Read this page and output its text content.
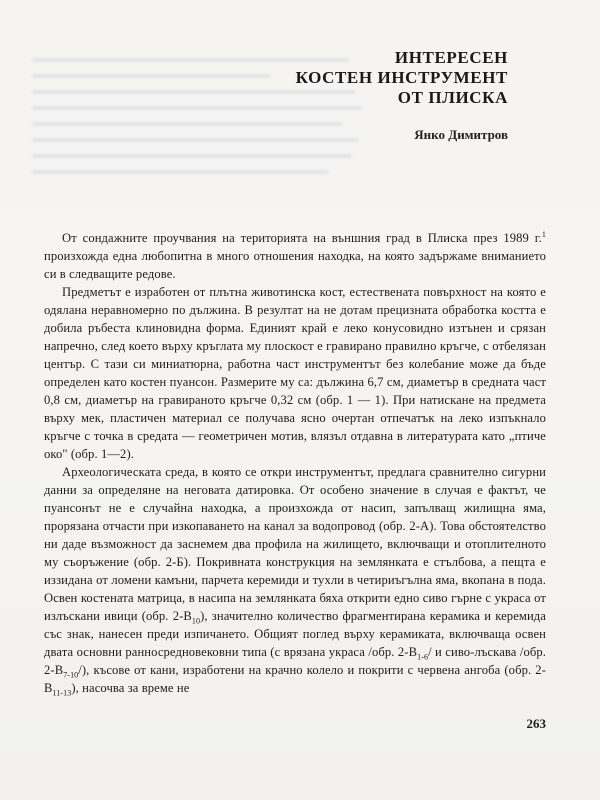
ИНТЕРЕСЕН
КОСТЕН ИНСТРУМЕНТ
ОТ ПЛИСКА
Янко Димитров

От сондажните проучвания на територията на външния град в Плиска през 1989 г.$^1$ произхожда една любопитна в много отношения находка, на която задържаме вниманието си в следващите редове.

Предметът е изработен от плътна животинска кост, естествената повърхност на която е одялана неравномерно по дължина. В резултат на не дотам прецизната обработка костта е добила ръбеста клиновидна форма. Единият край е леко конусовидно изтънен и срязан напречно, след което върху кръглата му плоскост е гравирано правилно кръгче, с отбелязан център. С тази си миниатюрна, работна част инструментът без колебание може да бъде определен като костен пуансон. Размерите му са: дължина 6,7 см, диаметър в средната част 0,8 см, диаметър на гравираното кръгче 0,32 см (обр. 1 — 1). При натискане на предмета върху мек, пластичен материал се получава ясно очертан отпечатък на леко изпъкнало кръгче с точка в средата — геометричен мотив, влязъл отдавна в литературата като „птиче око" (обр. 1—2).

Археологическата среда, в която се откри инструментът, предлага сравнително сигурни данни за определяне на неговата датировка. От особено значение в случая е фактът, че пуансонът не е случайна находка, а произхожда от насип, запълващ жилищна яма, прорязана отчасти при изкопаването на канал за водопровод (обр. 2-А). Това обстоятелство ни даде възможност да заснемем два профила на жилището, включващи и отоплителното му съоръжение (обр. 2-Б). Покривната конструкция на землянката е стълбова, а пещта е иззидана от ломени камъни, парчета керемиди и тухли в четириъгълна яма, вкопана в пода. Освен костената матрица, в насипа на землянката бяха открити едно сиво гърне с украса от излъскани ивици (обр. $2-В_{10}$), значително количество фрагментирана керамика и керемида със знак, нанесен преди изпичането. Общият поглед върху керамиката, включваща освен двата основни ранносредновековни типа (с врязана украса /обр. $2-В_{1-6}/$ и сиво-лъскава /обр. $2-В_{7-10}/$), късове от кани, изработени на крачно колело и покрити с червена ангоба (обр. $2-В_{11-13}$), насочва за време не

263
